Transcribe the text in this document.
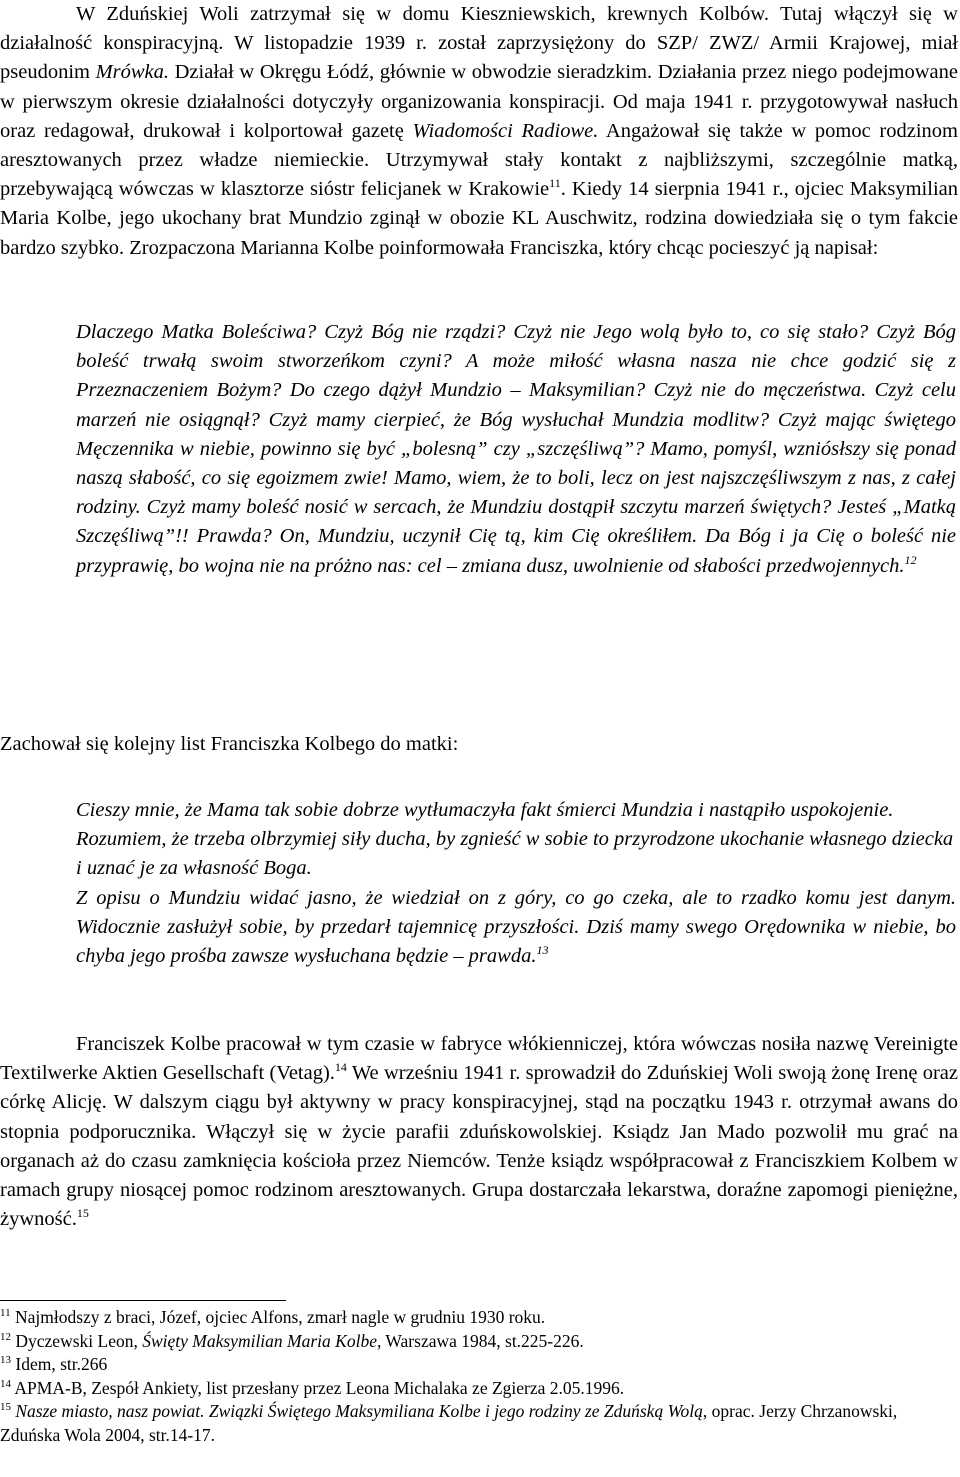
W Zduńskiej Woli zatrzymał się w domu Kieszniewskich, krewnych Kolbów. Tutaj włączył się w działalność konspiracyjną. W listopadzie 1939 r. został zaprzysiężony do SZP/ ZWZ/ Armii Krajowej, miał pseudonim Mrówka. Działał w Okręgu Łódź, głównie w obwodzie sieradzkim. Działania przez niego podejmowane w pierwszym okresie działalności dotyczyły organizowania konspiracji. Od maja 1941 r. przygotowywał nasłuch oraz redagował, drukował i kolportował gazetę Wiadomości Radiowe. Angażował się także w pomoc rodzinom aresztowanych przez władze niemieckie. Utrzymywał stały kontakt z najbliższymi, szczególnie matką, przebywającą wówczas w klasztorze sióstr felicjanek w Krakowie$^{11}$. Kiedy 14 sierpnia 1941 r., ojciec Maksymilian Maria Kolbe, jego ukochany brat Mundzio zginął w obozie KL Auschwitz, rodzina dowiedziała się o tym fakcie bardzo szybko. Zrozpaczona Marianna Kolbe poinformowała Franciszka, który chcąc pocieszyć ją napisał:

Dlaczego Matka Boleściwa? Czyż Bóg nie rządzi? Czyż nie Jego wolą było to, co się stało? Czyż Bóg boleść trwałą swoim stworzeńkom czyni? A może miłość własna nasza nie chce godzić się z Przeznaczeniem Bożym? Do czego dążył Mundzio – Maksymilian? Czyż nie do męczeństwa. Czyż celu marzeń nie osiągnął? Czyż mamy cierpieć, że Bóg wysłuchał Mundzia modlitw? Czyż mając świętego Męczennika w niebie, powinno się być „bolesną” czy „szczęśliwą”? Mamo, pomyśl, wzniósłszy się ponad naszą słabość, co się egoizmem zwie! Mamo, wiem, że to boli, lecz on jest najszczęśliwszym z nas, z całej rodziny. Czyż mamy boleść nosić w sercach, że Mundziu dostąpił szczytu marzeń świętych? Jesteś „Matką Szczęśliwą”!! Prawda? On, Mundziu, uczynił Cię tą, kim Cię określiłem. Da Bóg i ja Cię o boleść nie przyprawię, bo wojna nie na próżno nas: cel – zmiana dusz, uwolnienie od słabości przedwojennych.$^{12}$

Zachował się kolejny list Franciszka Kolbego do matki:

Cieszy mnie, że Mama tak sobie dobrze wytłumaczyła fakt śmierci Mundzia i nastąpiło uspokojenie. Rozumiem, że trzeba olbrzymiej siły ducha, by zgnieść w sobie to przyrodzone ukochanie własnego dziecka i uznać je za własność Boga.

Z opisu o Mundziu widać jasno, że wiedział on z góry, co go czeka, ale to rzadko komu jest danym. Widocznie zasłużył sobie, by przedarł tajemnicę przyszłości. Dziś mamy swego Orędownika w niebie, bo chyba jego prośba zawsze wysłuchana będzie – prawda.$^{13}$

Franciszek Kolbe pracował w tym czasie w fabryce włókienniczej, która wówczas nosiła nazwę Vereinigte Textilwerke Aktien Gesellschaft (Vetag).$^{14}$ We wrześniu 1941 r. sprowadził do Zduńskiej Woli swoją żonę Irenę oraz córkę Alicję. W dalszym ciągu był aktywny w pracy konspiracyjnej, stąd na początku 1943 r. otrzymał awans do stopnia podporucznika. Włączył się w życie parafii zduńskowolskiej. Ksiądz Jan Mado pozwolił mu grać na organach aż do czasu zamknięcia kościoła przez Niemców. Tenże ksiądz współpracował z Franciszkiem Kolbem w ramach grupy niosącej pomoc rodzinom aresztowanych. Grupa dostarczała lekarstwa, doraźne zapomogi pieniężne, żywność.$^{15}$

$^{11}$ Najmłodszy z braci, Józef, ojciec Alfons, zmarł nagle w grudniu 1930 roku.
$^{12}$ Dyczewski Leon, Święty Maksymilian Maria Kolbe, Warszawa 1984, st.225-226.
$^{13}$ Idem, str.266
$^{14}$ APMA-B, Zespół Ankiety, list przesłany przez Leona Michalaka ze Zgierza 2.05.1996.
$^{15}$ Nasze miasto, nasz powiat. Związki Świętego Maksymiliana Kolbe i jego rodziny ze Zduńską Wolą, oprac. Jerzy Chrzanowski, Zduńska Wola 2004, str.14-17.
